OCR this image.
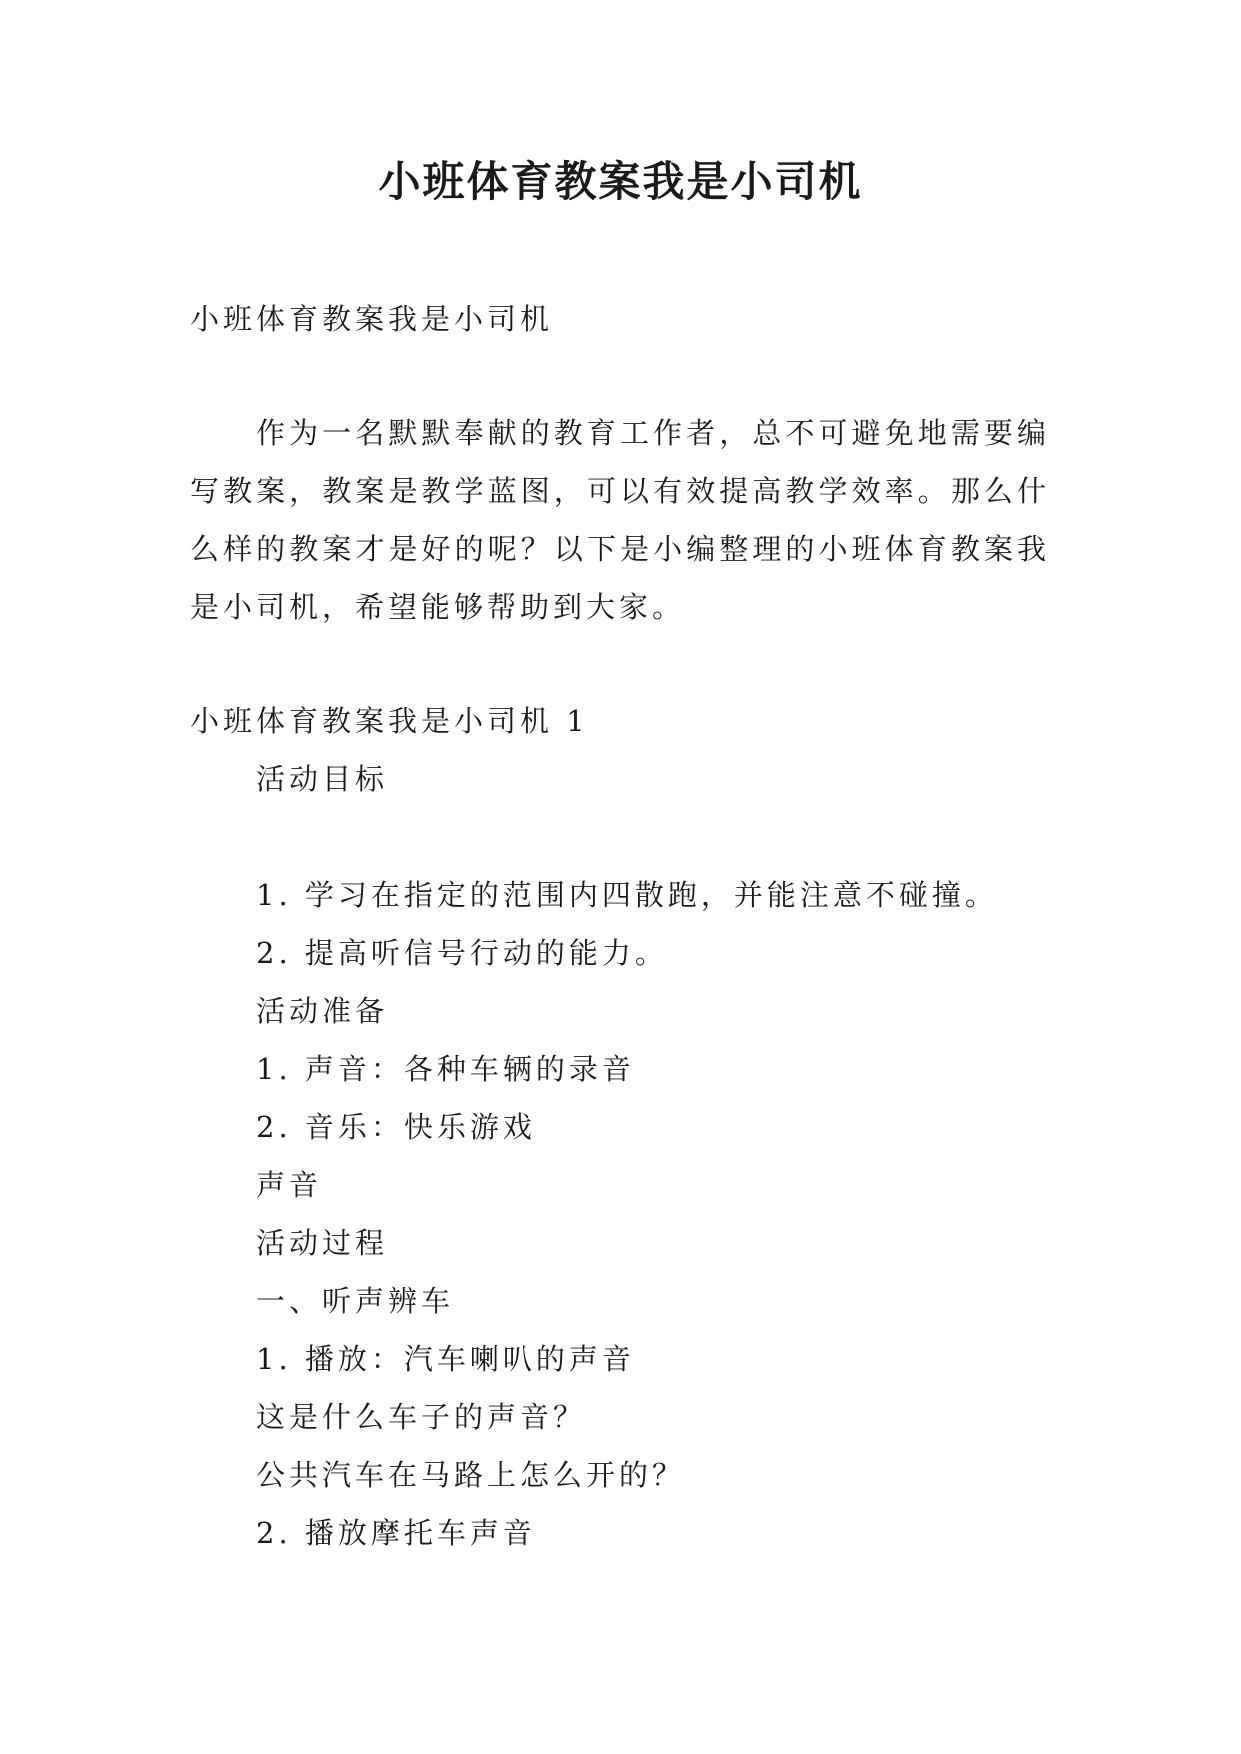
小班体育教案我是小司机

小班体育教案我是小司机

作为一名默默奉献的教育工作者，总不可避免地需要编写教案，教案是教学蓝图，可以有效提高教学效率。那么什么样的教案才是好的呢？以下是小编整理的小班体育教案我是小司机，希望能够帮助到大家。

小班体育教案我是小司机 1

活动目标

1. 学习在指定的范围内四散跑，并能注意不碰撞。

2. 提高听信号行动的能力。

活动准备

1. 声音：各种车辆的录音

2. 音乐：快乐游戏

声音

活动过程

一、听声辨车

1. 播放：汽车喇叭的声音

这是什么车子的声音？

公共汽车在马路上怎么开的？

2. 播放摩托车声音
